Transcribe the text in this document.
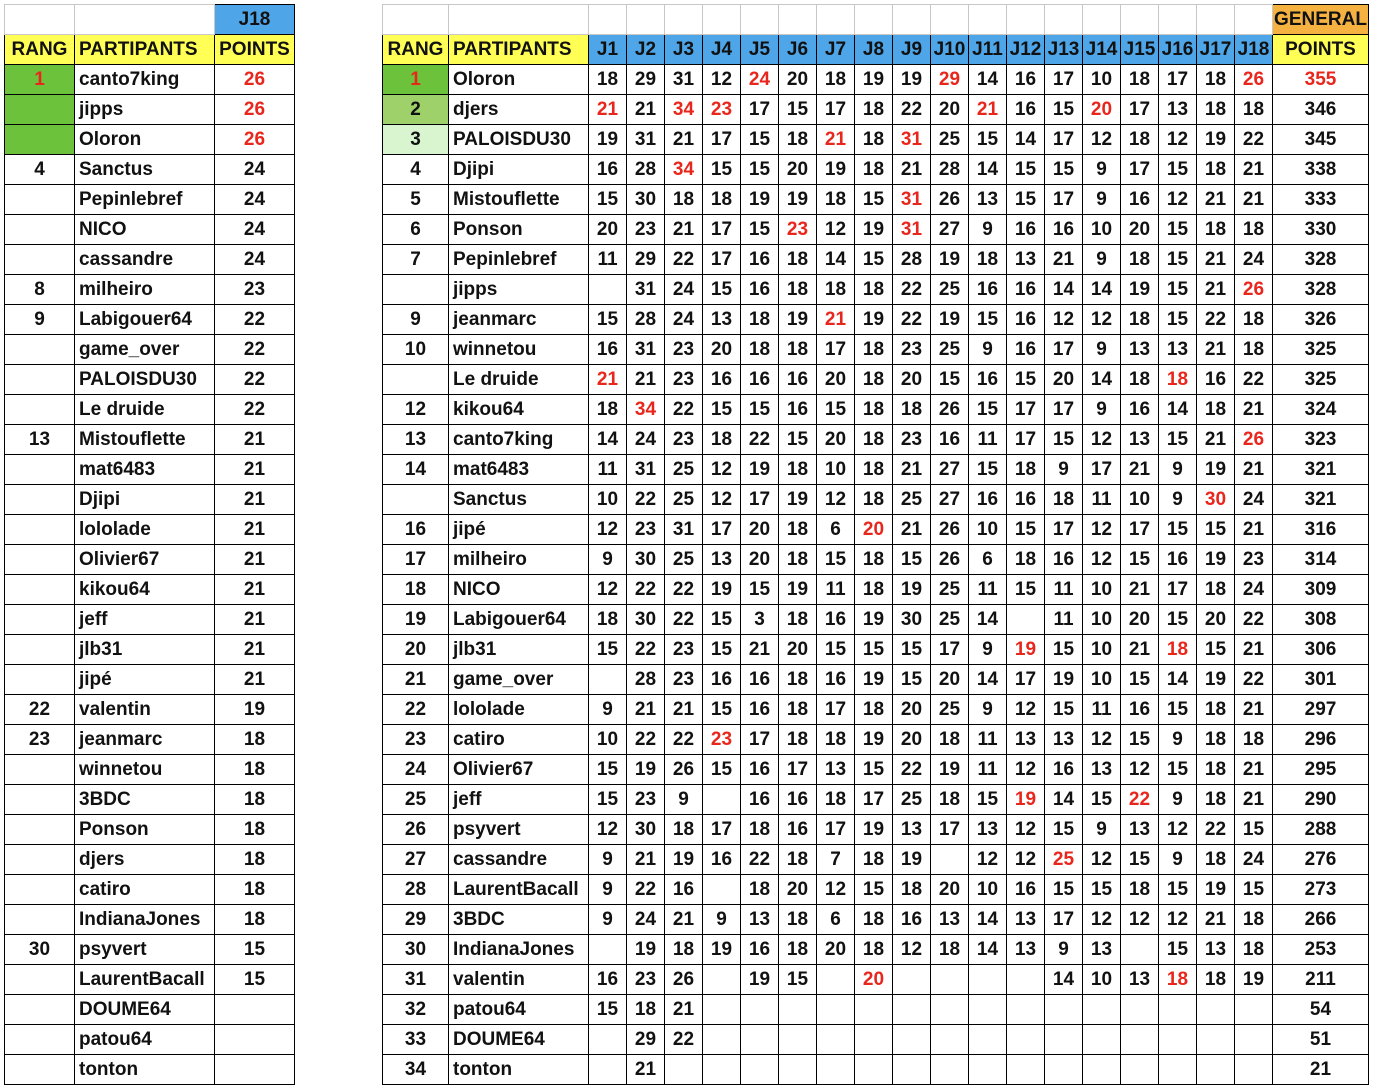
		J18
RANG	PARTIPANTS	POINTS
1	canto7king	26
	jipps	26
	Oloron	26
4	Sanctus	24
	Pepinlebref	24
	NICO	24
	cassandre	24
8	milheiro	23
9	Labigouer64	22
	game_over	22
	PALOISDU30	22
	Le druide	22
13	Mistouflette	21
	mat6483	21
	Djipi	21
	lololade	21
	Olivier67	21
	kikou64	21
	jeff	21
	jlb31	21
	jipé	21
22	valentin	19
23	jeanmarc	18
	winnetou	18
	3BDC	18
	Ponson	18
	djers	18
	catiro	18
	IndianaJones	18
30	psyvert	15
	LaurentBacall	15
	DOUME64	
	patou64	
	tonton	
																				GENERAL
RANG	PARTIPANTS	J1	J2	J3	J4	J5	J6	J7	J8	J9	J10	J11	J12	J13	J14	J15	J16	J17	J18	POINTS
1	Oloron	18	29	31	12	24	20	18	19	19	29	14	16	17	10	18	17	18	26	355
2	djers	21	21	34	23	17	15	17	18	22	20	21	16	15	20	17	13	18	18	346
3	PALOISDU30	19	31	21	17	15	18	21	18	31	25	15	14	17	12	18	12	19	22	345
4	Djipi	16	28	34	15	15	20	19	18	21	28	14	15	15	9	17	15	18	21	338
5	Mistouflette	15	30	18	18	19	19	18	15	31	26	13	15	17	9	16	12	21	21	333
6	Ponson	20	23	21	17	15	23	12	19	31	27	9	16	16	10	20	15	18	18	330
7	Pepinlebref	11	29	22	17	16	18	14	15	28	19	18	13	21	9	18	15	21	24	328
	jipps		31	24	15	16	18	18	18	22	25	16	16	14	14	19	15	21	26	328
9	jeanmarc	15	28	24	13	18	19	21	19	22	19	15	16	12	12	18	15	22	18	326
10	winnetou	16	31	23	20	18	18	17	18	23	25	9	16	17	9	13	13	21	18	325
	Le druide	21	21	23	16	16	16	20	18	20	15	16	15	20	14	18	18	16	22	325
12	kikou64	18	34	22	15	15	16	15	18	18	26	15	17	17	9	16	14	18	21	324
13	canto7king	14	24	23	18	22	15	20	18	23	16	11	17	15	12	13	15	21	26	323
14	mat6483	11	31	25	12	19	18	10	18	21	27	15	18	9	17	21	9	19	21	321
	Sanctus	10	22	25	12	17	19	12	18	25	27	16	16	18	11	10	9	30	24	321
16	jipé	12	23	31	17	20	18	6	20	21	26	10	15	17	12	17	15	15	21	316
17	milheiro	9	30	25	13	20	18	15	18	15	26	6	18	16	12	15	16	19	23	314
18	NICO	12	22	22	19	15	19	11	18	19	25	11	15	11	10	21	17	18	24	309
19	Labigouer64	18	30	22	15	3	18	16	19	30	25	14		11	10	20	15	20	22	308
20	jlb31	15	22	23	15	21	20	15	15	15	17	9	19	15	10	21	18	15	21	306
21	game_over		28	23	16	16	18	16	19	15	20	14	17	19	10	15	14	19	22	301
22	lololade	9	21	21	15	16	18	17	18	20	25	9	12	15	11	16	15	18	21	297
23	catiro	10	22	22	23	17	18	18	19	20	18	11	13	13	12	15	9	18	18	296
24	Olivier67	15	19	26	15	16	17	13	15	22	19	11	12	16	13	12	15	18	21	295
25	jeff	15	23	9		16	16	18	17	25	18	15	19	14	15	22	9	18	21	290
26	psyvert	12	30	18	17	18	16	17	19	13	17	13	12	15	9	13	12	22	15	288
27	cassandre	9	21	19	16	22	18	7	18	19		12	12	25	12	15	9	18	24	276
28	LaurentBacall	9	22	16		18	20	12	15	18	20	10	16	15	15	18	15	19	15	273
29	3BDC	9	24	21	9	13	18	6	18	16	13	14	13	17	12	12	12	21	18	266
30	IndianaJones		19	18	19	16	18	20	18	12	18	14	13	9	13		15	13	18	253
31	valentin	16	23	26		19	15		20					14	10	13	18	18	19	211
32	patou64	15	18	21																54
33	DOUME64		29	22																51
34	tonton		21																	21
